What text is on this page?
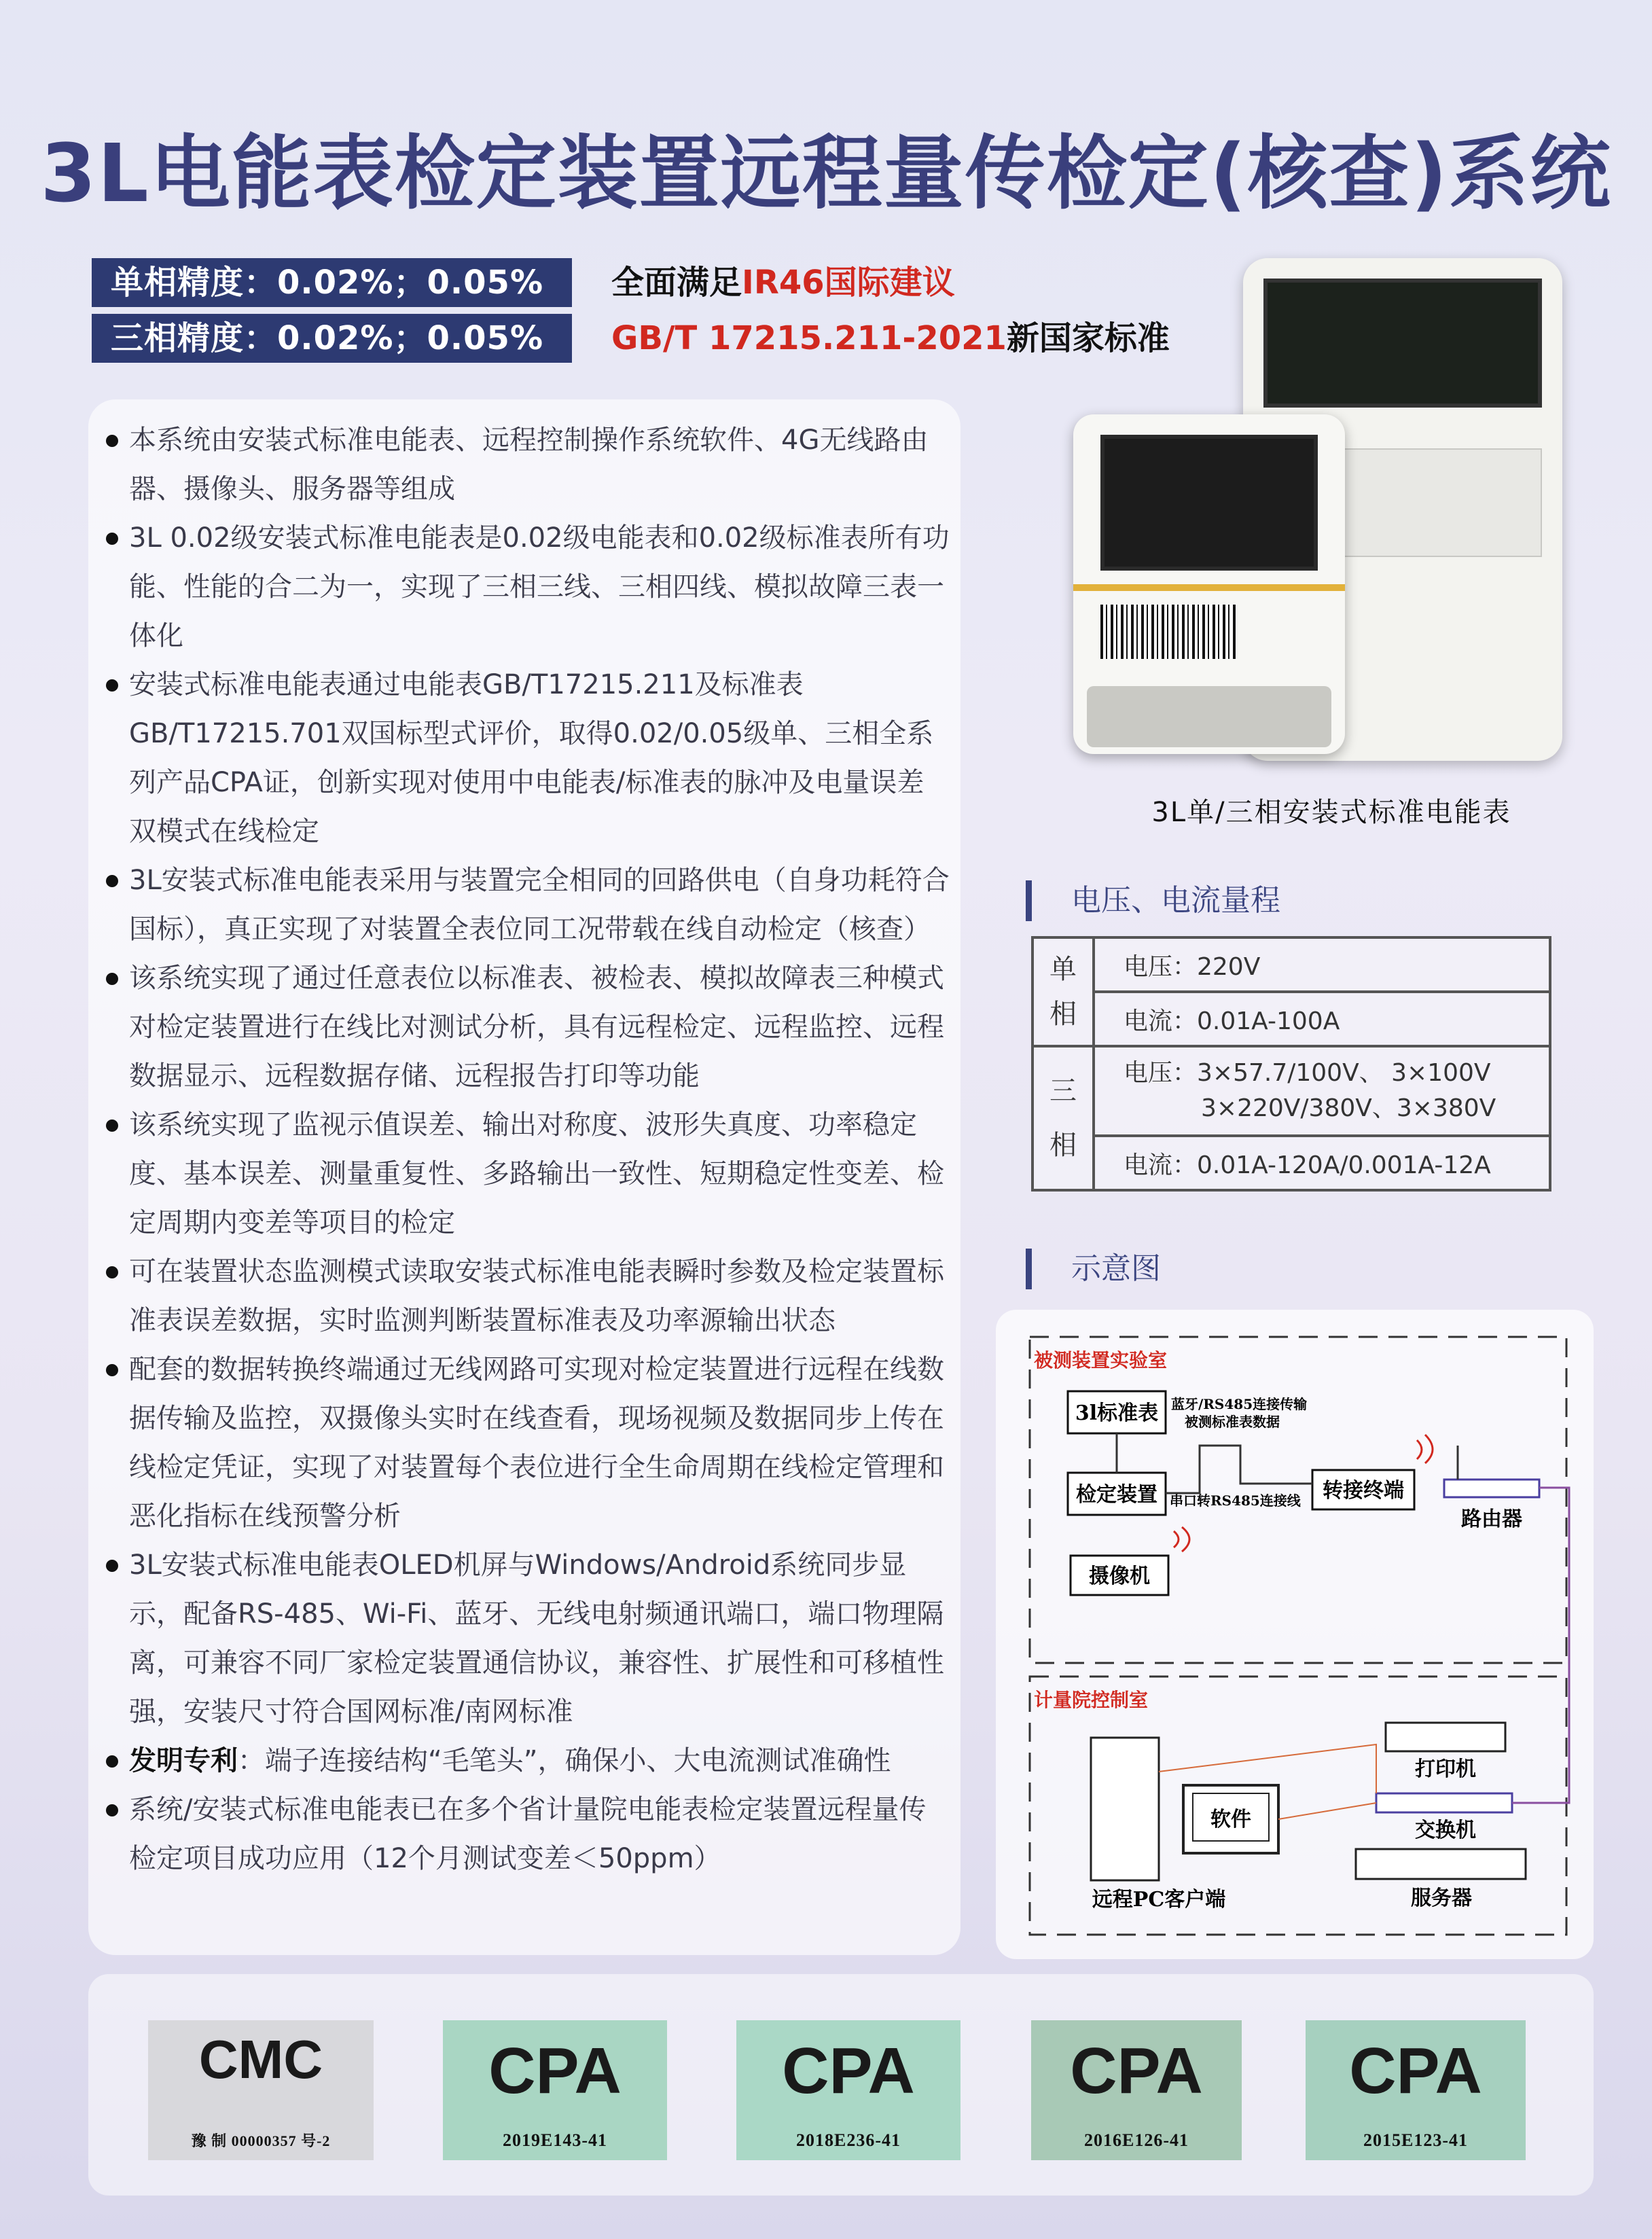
3L电能表检定装置远程量传检定(核查)系统
单相精度：0.02%；0.05%
三相精度：0.02%；0.05%
全面满足IR46国际建议
GB/T 17215.211-2021新国家标准
本系统由安装式标准电能表、远程控制操作系统软件、4G无线路由器、摄像头、服务器等组成
3L 0.02级安装式标准电能表是0.02级电能表和0.02级标准表所有功能、性能的合二为一，实现了三相三线、三相四线、模拟故障三表一体化
安装式标准电能表通过电能表GB/T17215.211及标准表GB/T17215.701双国标型式评价，取得0.02/0.05级单、三相全系列产品CPA证，创新实现对使用中电能表/标准表的脉冲及电量误差双模式在线检定
3L安装式标准电能表采用与装置完全相同的回路供电（自身功耗符合国标），真正实现了对装置全表位同工况带载在线自动检定（核查）
该系统实现了通过任意表位以标准表、被检表、模拟故障表三种模式对检定装置进行在线比对测试分析，具有远程检定、远程监控、远程数据显示、远程数据存储、远程报告打印等功能
该系统实现了监视示值误差、输出对称度、波形失真度、功率稳定度、基本误差、测量重复性、多路输出一致性、短期稳定性变差、检定周期内变差等项目的检定
可在装置状态监测模式读取安装式标准电能表瞬时参数及检定装置标准表误差数据，实时监测判断装置标准表及功率源输出状态
配套的数据转换终端通过无线网路可实现对检定装置进行远程在线数据传输及监控，双摄像头实时在线查看，现场视频及数据同步上传在线检定凭证，实现了对装置每个表位进行全生命周期在线检定管理和恶化指标在线预警分析
3L安装式标准电能表OLED机屏与Windows/Android系统同步显示，配备RS-485、Wi-Fi、蓝牙、无线电射频通讯端口，端口物理隔离，可兼容不同厂家检定装置通信协议，兼容性、扩展性和可移植性强，安装尺寸符合国网标准/南网标准
发明专利：端子连接结构“毛笔头”，确保小、大电流测试准确性
系统/安装式标准电能表已在多个省计量院电能表检定装置远程量传检定项目成功应用（12个月测试变差＜50ppm）
3L单/三相安装式标准电能表
电压、电流量程
单相	电压：220V
	电流：0.01A-100A

三相	电压：3×57.7/100V、 3×100V
3×220V/380V、3×380V

	电流：0.01A-120A/0.001A-12A
示意图
被测装置实验室
3l标准表 蓝牙/RS485连接传输
被测标准表数据
检定装置 串口转RS485连接线 转接终端
路由器
摄像机
计量院控制室
打印机
交换机
服务器
软件
远程PC客户端
CMC
豫 制 00000357 号-2
CPA
2019E143-41
CPA
2018E236-41
CPA
2016E126-41
CPA
2015E123-41
